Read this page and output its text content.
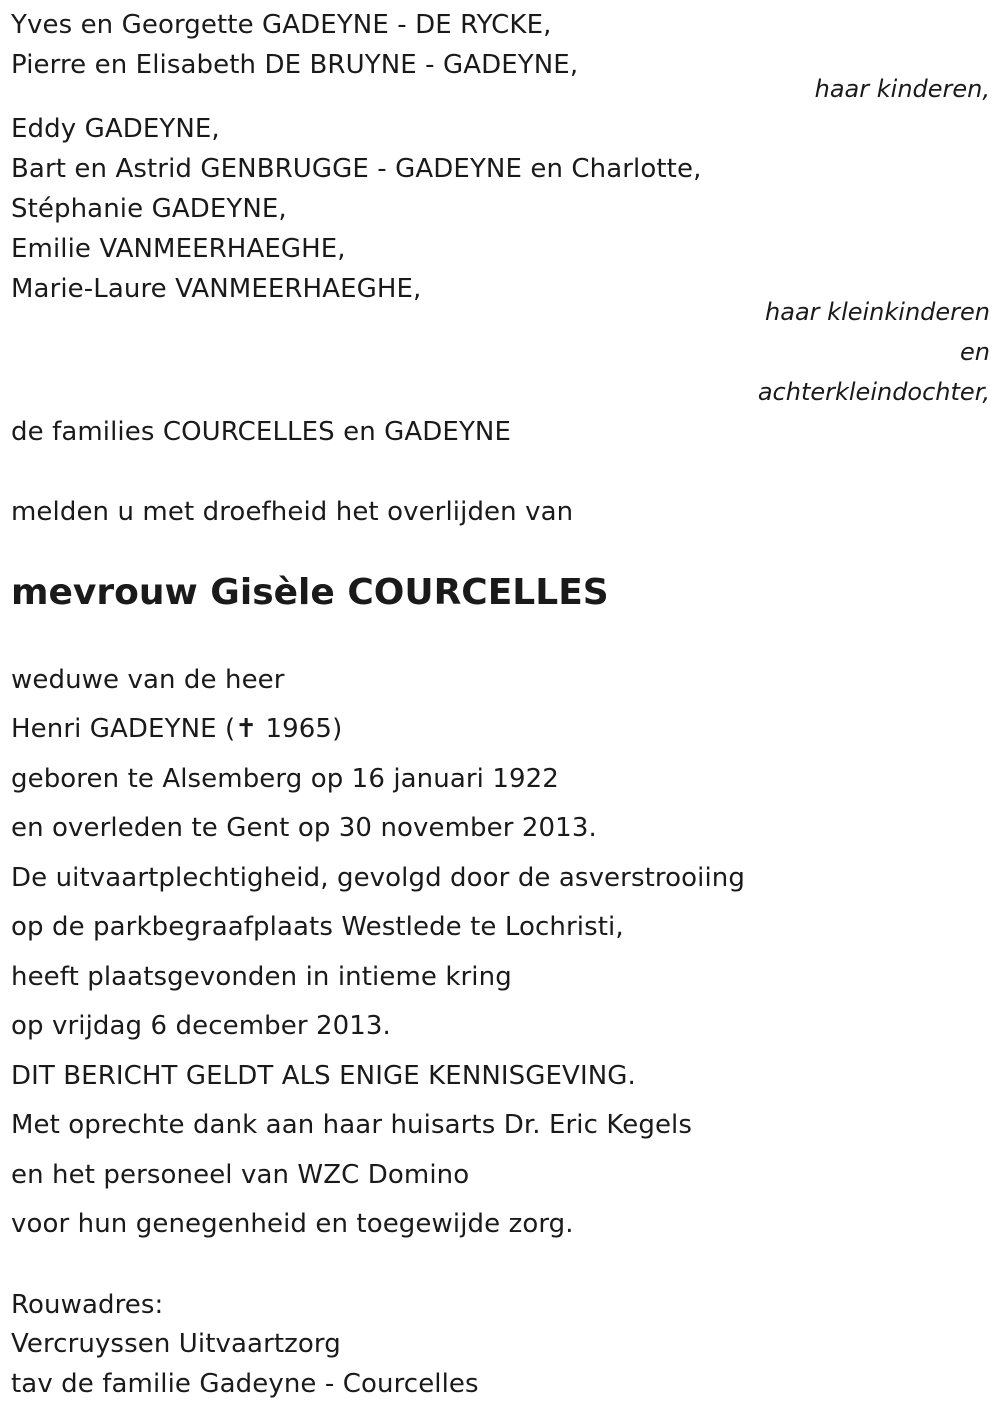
Yves en Georgette GADEYNE - DE RYCKE,
Pierre en Elisabeth DE BRUYNE - GADEYNE,
haar kinderen,
Eddy GADEYNE,
Bart en Astrid GENBRUGGE - GADEYNE en Charlotte,
Stéphanie GADEYNE,
Emilie VANMEERHAEGHE,
Marie-Laure VANMEERHAEGHE,
haar kleinkinderen
en
achterkleindochter,
de families COURCELLES en GADEYNE
melden u met droefheid het overlijden van
mevrouw Gisèle COURCELLES
weduwe van de heer
Henri GADEYNE (✝ 1965)
geboren te Alsemberg op 16 januari 1922
en overleden te Gent op 30 november 2013.
De uitvaartplechtigheid, gevolgd door de asverstrooiing
op de parkbegraafplaats Westlede te Lochristi,
heeft plaatsgevonden in intieme kring
op vrijdag 6 december 2013.
DIT BERICHT GELDT ALS ENIGE KENNISGEVING.
Met oprechte dank aan haar huisarts Dr. Eric Kegels
en het personeel van WZC Domino
voor hun genegenheid en toegewijde zorg.
Rouwadres:
Vercruyssen Uitvaartzorg
tav de familie Gadeyne - Courcelles
